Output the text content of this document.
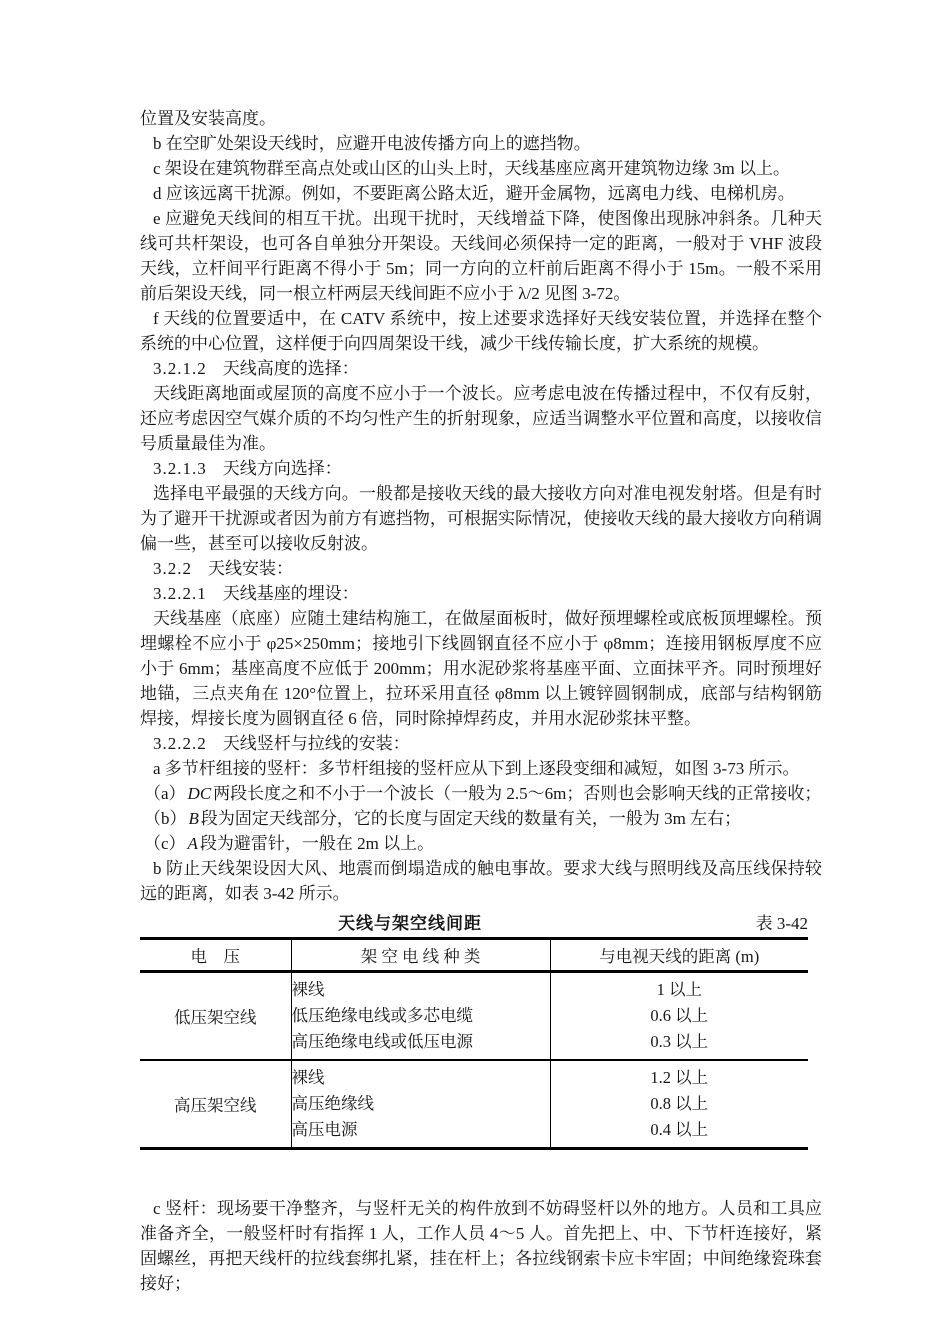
位置及安装高度。

b 在空旷处架设天线时，应避开电波传播方向上的遮挡物。

c 架设在建筑物群至高点处或山区的山头上时，天线基座应离开建筑物边缘 3m 以上。

d 应该远离干扰源。例如，不要距离公路太近，避开金属物，远离电力线、电梯机房。

e 应避免天线间的相互干扰。出现干扰时，天线增益下降，使图像出现脉冲斜条。几种天线可共杆架设，也可各自单独分开架设。天线间必须保持一定的距离，一般对于 VHF 波段天线，立杆间平行距离不得小于 5m；同一方向的立杆前后距离不得小于 15m。一般不采用前后架设天线，同一根立杆两层天线间距不应小于 λ/2 见图 3-72。

f 天线的位置要适中，在 CATV 系统中，按上述要求选择好天线安装位置，并选择在整个系统的中心位置，这样便于向四周架设干线，减少干线传输长度，扩大系统的规模。

3.2.1.2 天线高度的选择：

天线距离地面或屋顶的高度不应小于一个波长。应考虑电波在传播过程中，不仅有反射，还应考虑因空气媒介质的不均匀性产生的折射现象，应适当调整水平位置和高度，以接收信号质量最佳为准。

3.2.1.3 天线方向选择：

选择电平最强的天线方向。一般都是接收天线的最大接收方向对准电视发射塔。但是有时为了避开干扰源或者因为前方有遮挡物，可根据实际情况，使接收天线的最大接收方向稍调偏一些，甚至可以接收反射波。

3.2.2 天线安装：

3.2.2.1 天线基座的埋设：

天线基座（底座）应随土建结构施工，在做屋面板时，做好预埋螺栓或底板顶埋螺栓。预埋螺栓不应小于 φ25×250mm；接地引下线圆钢直径不应小于 φ8mm；连接用钢板厚度不应小于 6mm；基座高度不应低于 200mm；用水泥砂浆将基座平面、立面抹平齐。同时预埋好地锚，三点夹角在 120°位置上，拉环采用直径 φ8mm 以上镀锌圆钢制成，底部与结构钢筋焊接，焊接长度为圆钢直径 6 倍，同时除掉焊药皮，并用水泥砂浆抹平整。

3.2.2.2 天线竖杆与拉线的安装：

a 多节杆组接的竖杆：多节杆组接的竖杆应从下到上逐段变细和减短，如图 3-73 所示。

（a） DC 两段长度之和不小于一个波长（一般为 2.5～6m；否则也会影响天线的正常接收；

（b） B 段为固定天线部分，它的长度与固定天线的数量有关，一般为 3m 左右；

（c） A 段为避雷针，一般在 2m 以上。

b 防止天线架设因大风、地震而倒塌造成的触电事故。要求大线与照明线及高压线保持较远的距离，如表 3-42 所示。

天线与架空线间距	表 3-42
电　压	架 空 电 线 种 类	与电视天线的距离 (m)
低压架空线	裸线	1 以上
	低压绝缘电线或多芯电缆	0.6 以上
	高压绝缘电线或低压电源	0.3 以上
高压架空线	裸线	1.2 以上
	高压绝缘线	0.8 以上
	高压电源	0.4 以上

c 竖杆：现场要干净整齐，与竖杆无关的构件放到不妨碍竖杆以外的地方。人员和工具应准备齐全，一般竖杆时有指挥 1 人，工作人员 4～5 人。首先把上、中、下节杆连接好，紧固螺丝，再把天线杆的拉线套绑扎紧，挂在杆上；各拉线钢索卡应卡牢固；中间绝缘瓷珠套接好；
